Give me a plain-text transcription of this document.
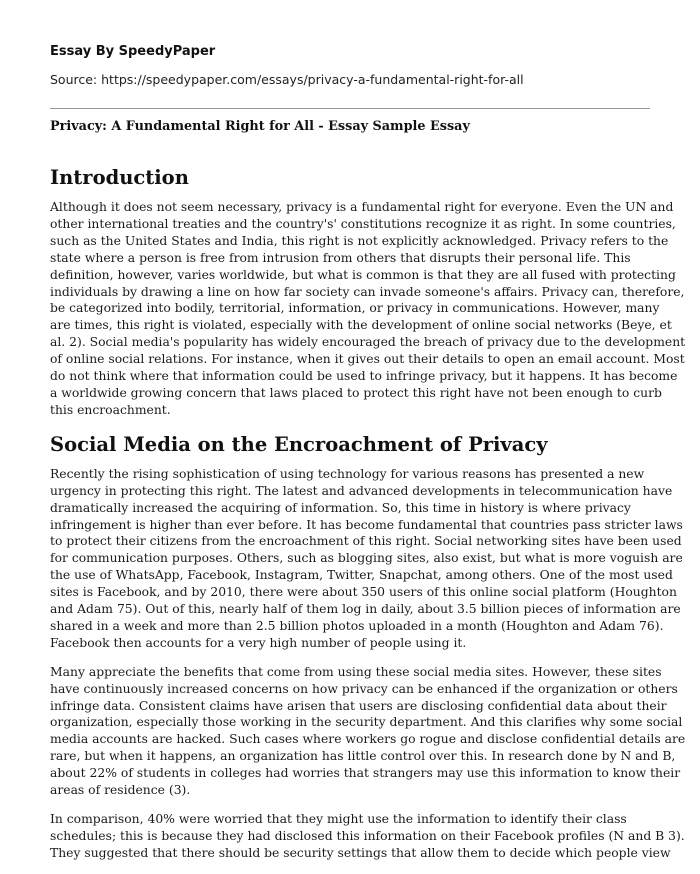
Essay By SpeedyPaper
Source: https://speedypaper.com/essays/privacy-a-fundamental-right-for-all
Privacy: A Fundamental Right for All - Essay Sample Essay
Introduction

Although it does not seem necessary, privacy is a fundamental right for everyone. Even the UN and
other international treaties and the country's' constitutions recognize it as right. In some countries,
such as the United States and India, this right is not explicitly acknowledged. Privacy refers to the
state where a person is free from intrusion from others that disrupts their personal life. This
definition, however, varies worldwide, but what is common is that they are all fused with protecting
individuals by drawing a line on how far society can invade someone's affairs. Privacy can, therefore,
be categorized into bodily, territorial, information, or privacy in communications. However, many
are times, this right is violated, especially with the development of online social networks (Beye, et
al. 2). Social media's popularity has widely encouraged the breach of privacy due to the development
of online social relations. For instance, when it gives out their details to open an email account. Most
do not think where that information could be used to infringe privacy, but it happens. It has become
a worldwide growing concern that laws placed to protect this right have not been enough to curb
this encroachment.

Social Media on the Encroachment of Privacy

Recently the rising sophistication of using technology for various reasons has presented a new
urgency in protecting this right. The latest and advanced developments in telecommunication have
dramatically increased the acquiring of information. So, this time in history is where privacy
infringement is higher than ever before. It has become fundamental that countries pass stricter laws
to protect their citizens from the encroachment of this right. Social networking sites have been used
for communication purposes. Others, such as blogging sites, also exist, but what is more voguish are
the use of WhatsApp, Facebook, Instagram, Twitter, Snapchat, among others. One of the most used
sites is Facebook, and by 2010, there were about 350 users of this online social platform (Houghton
and Adam 75). Out of this, nearly half of them log in daily, about 3.5 billion pieces of information are
shared in a week and more than 2.5 billion photos uploaded in a month (Houghton and Adam 76).
Facebook then accounts for a very high number of people using it.

Many appreciate the benefits that come from using these social media sites. However, these sites
have continuously increased concerns on how privacy can be enhanced if the organization or others
infringe data. Consistent claims have arisen that users are disclosing confidential data about their
organization, especially those working in the security department. And this clarifies why some social
media accounts are hacked. Such cases where workers go rogue and disclose confidential details are
rare, but when it happens, an organization has little control over this. In research done by N and B,
about 22% of students in colleges had worries that strangers may use this information to know their
areas of residence (3).

In comparison, 40% were worried that they might use the information to identify their class
schedules; this is because they had disclosed this information on their Facebook profiles (N and B 3).
They suggested that there should be security settings that allow them to decide which people view
